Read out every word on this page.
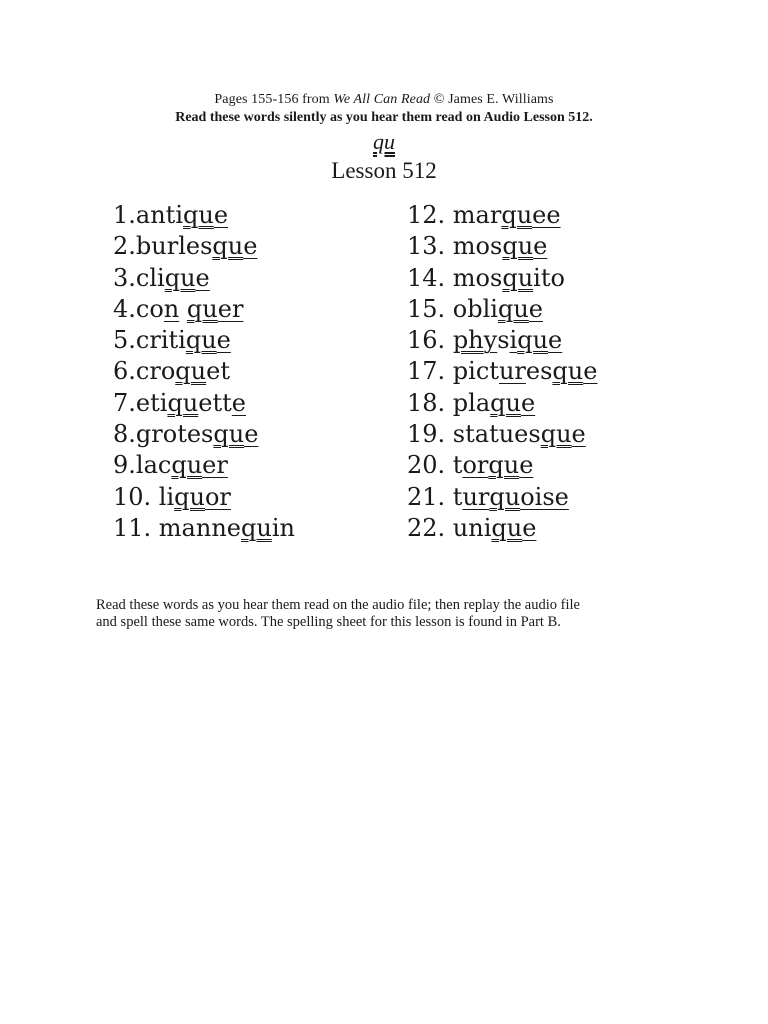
Pages 155-156 from We All Can Read © James E. Williams
Read these words silently as you hear them read on Audio Lesson 512.
qu
Lesson 512
1.antique
2.burlesque
3.clique
4.con quer
5.critique
6.croquet
7.etiquette
8.grotesque
9.lacquer
10. liquor
11. mannequin
12. marquee
13. mosque
14. mosquito
15. oblique
16. physique
17. picturesque
18. plaque
19. statuesque
20. torque
21. turquoise
22. unique
Read these words as you hear them read on the audio file; then replay the audio file
and spell these same words. The spelling sheet for this lesson is found in Part B.
